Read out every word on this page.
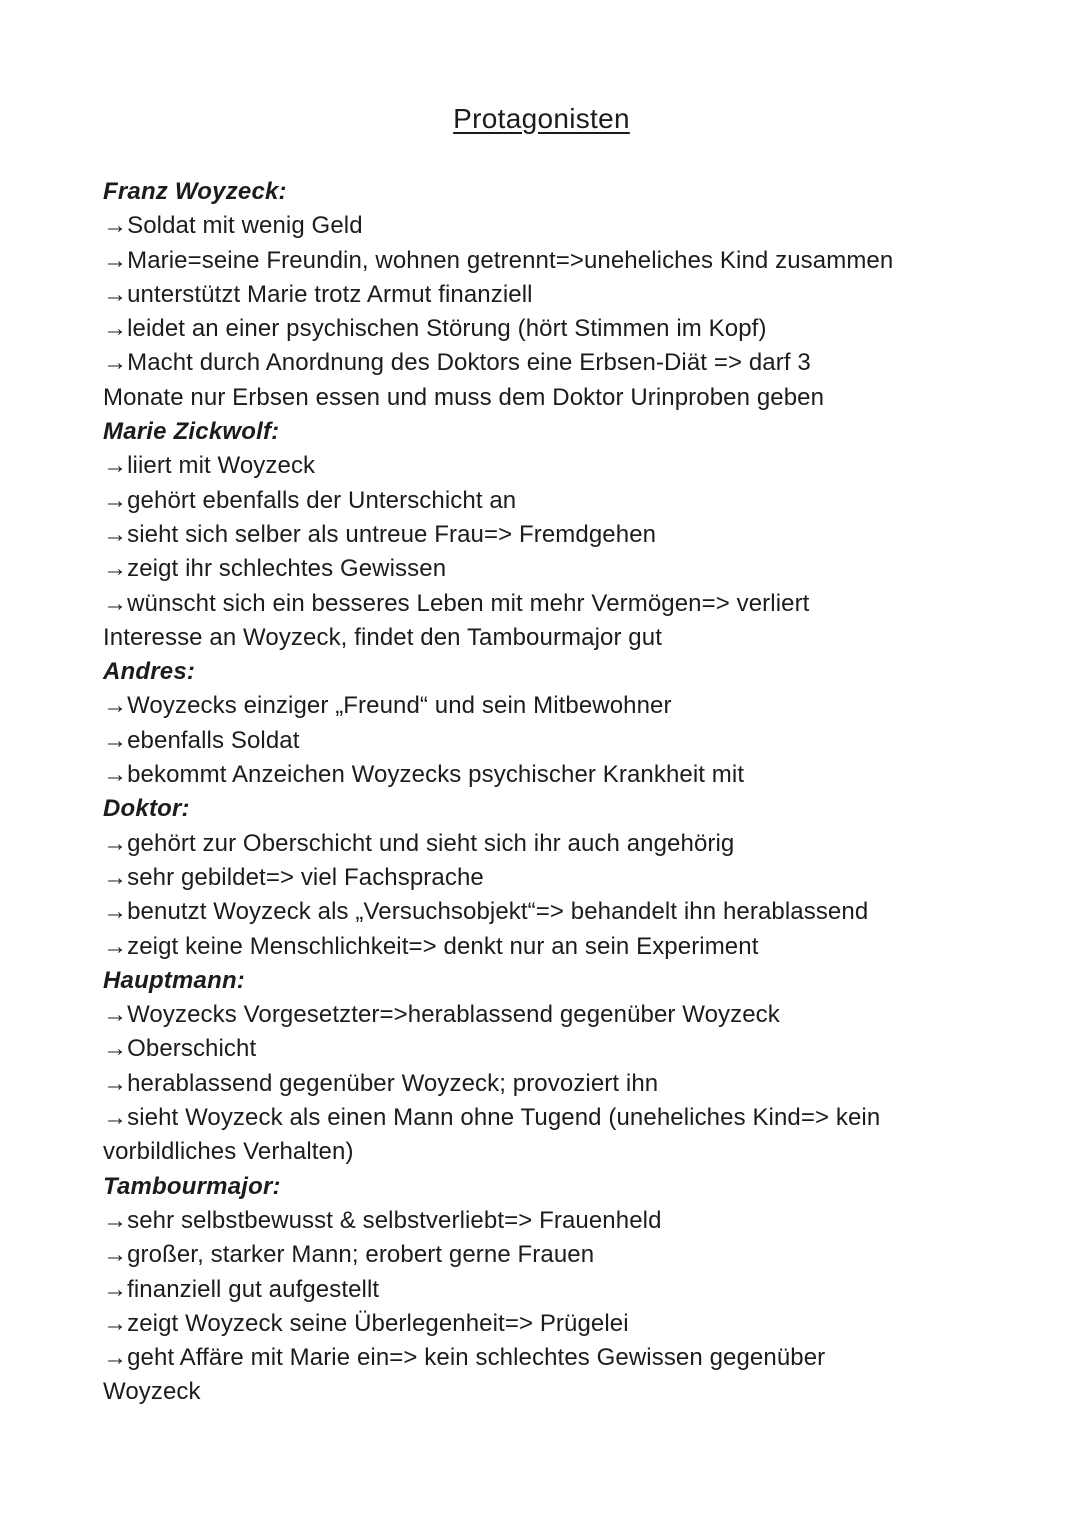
Protagonisten
Franz Woyzeck:
→Soldat mit wenig Geld
→Marie=seine Freundin, wohnen getrennt=>uneheliches Kind zusammen
→unterstützt Marie trotz Armut finanziell
→leidet an einer psychischen Störung (hört Stimmen im Kopf)
→Macht durch Anordnung des Doktors eine Erbsen-Diät => darf 3
Monate nur Erbsen essen und muss dem Doktor Urinproben geben
Marie Zickwolf:
→liiert mit Woyzeck
→gehört ebenfalls der Unterschicht an
→sieht sich selber als untreue Frau=> Fremdgehen
→zeigt ihr schlechtes Gewissen
→wünscht sich ein besseres Leben mit mehr Vermögen=> verliert
Interesse an Woyzeck, findet den Tambourmajor gut
Andres:
→Woyzecks einziger „Freund“ und sein Mitbewohner
→ebenfalls Soldat
→bekommt Anzeichen Woyzecks psychischer Krankheit mit
Doktor:
→gehört zur Oberschicht und sieht sich ihr auch angehörig
→sehr gebildet=> viel Fachsprache
→benutzt Woyzeck als „Versuchsobjekt“=> behandelt ihn herablassend
→zeigt keine Menschlichkeit=> denkt nur an sein Experiment
Hauptmann:
→Woyzecks Vorgesetzter=>herablassend gegenüber Woyzeck
→Oberschicht
→herablassend gegenüber Woyzeck; provoziert ihn
→sieht Woyzeck als einen Mann ohne Tugend (uneheliches Kind=> kein
vorbildliches Verhalten)
Tambourmajor:
→sehr selbstbewusst & selbstverliebt=> Frauenheld
→großer, starker Mann; erobert gerne Frauen
→finanziell gut aufgestellt
→zeigt Woyzeck seine Überlegenheit=> Prügelei
→geht Affäre mit Marie ein=> kein schlechtes Gewissen gegenüber
Woyzeck
